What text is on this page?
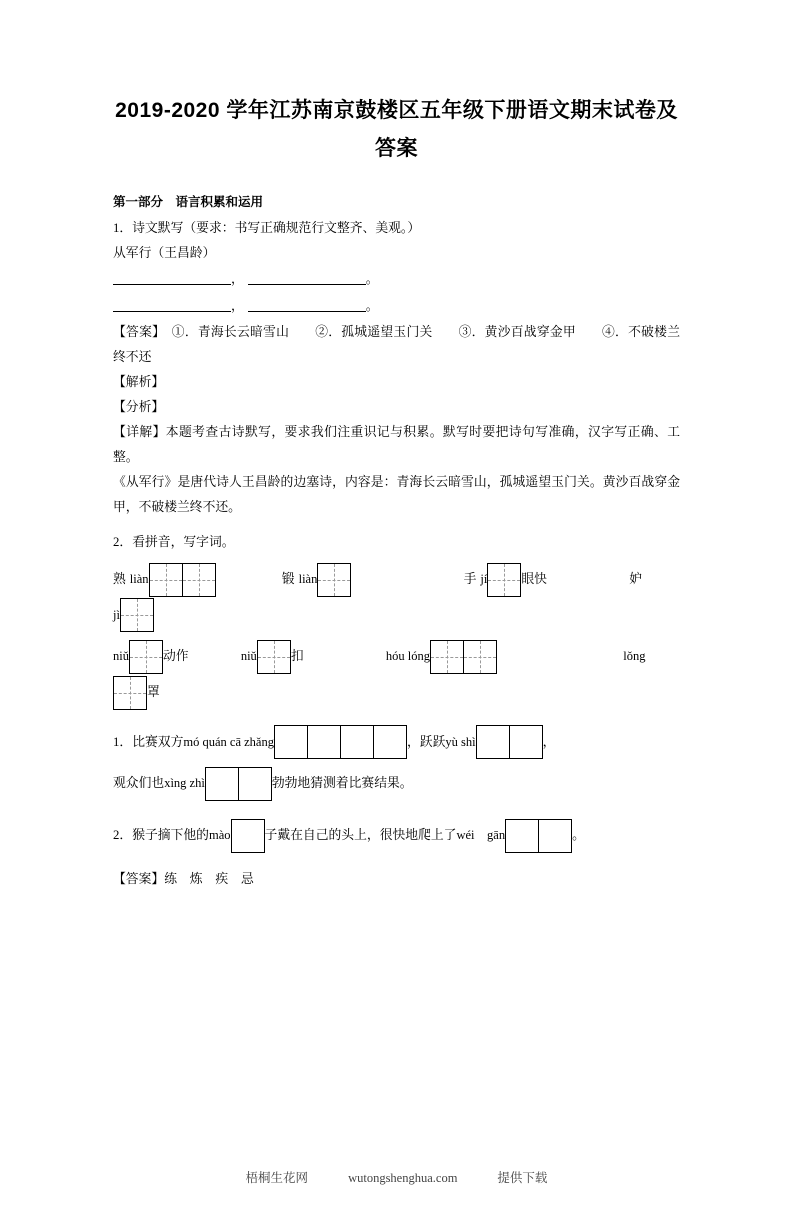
2019-2020 学年江苏南京鼓楼区五年级下册语文期末试卷及答案
第一部分　语言积累和运用
1．诗文默写（要求：书写正确规范行文整齐、美观。）
从军行（王昌龄）
，	。
，	。
【答案】　①．青海长云暗雪山　　②．孤城遥望玉门关　　③．黄沙百战穿金甲　　④．不破楼兰终不还
【解析】
【分析】
【详解】本题考查古诗默写，要求我们注重识记与积累。默写时要把诗句写准确，汉字写正确、工整。
《从军行》是唐代诗人王昌龄的边塞诗，内容是：青海长云暗雪山，孤城遥望玉门关。黄沙百战穿金甲，不破楼兰终不还。
2．看拼音，写字词。
熟 liàn	锻 liàn	手 jí	眼快	妒
jì
niǔ	动作	niǔ	扣	hóu lóng	lǒng
罩
1．比赛双方mó quán cā zhǎng	，跃跃yù shì	，
观众们也xìng zhì	勃勃地猜测着比赛结果。
2．猴子摘下他的mào	子戴在自己的头上，很快地爬上了wéi　gān	。
【答案】练　炼　疾　忌
梧桐生花网	wutongshenghua.com	提供下载
